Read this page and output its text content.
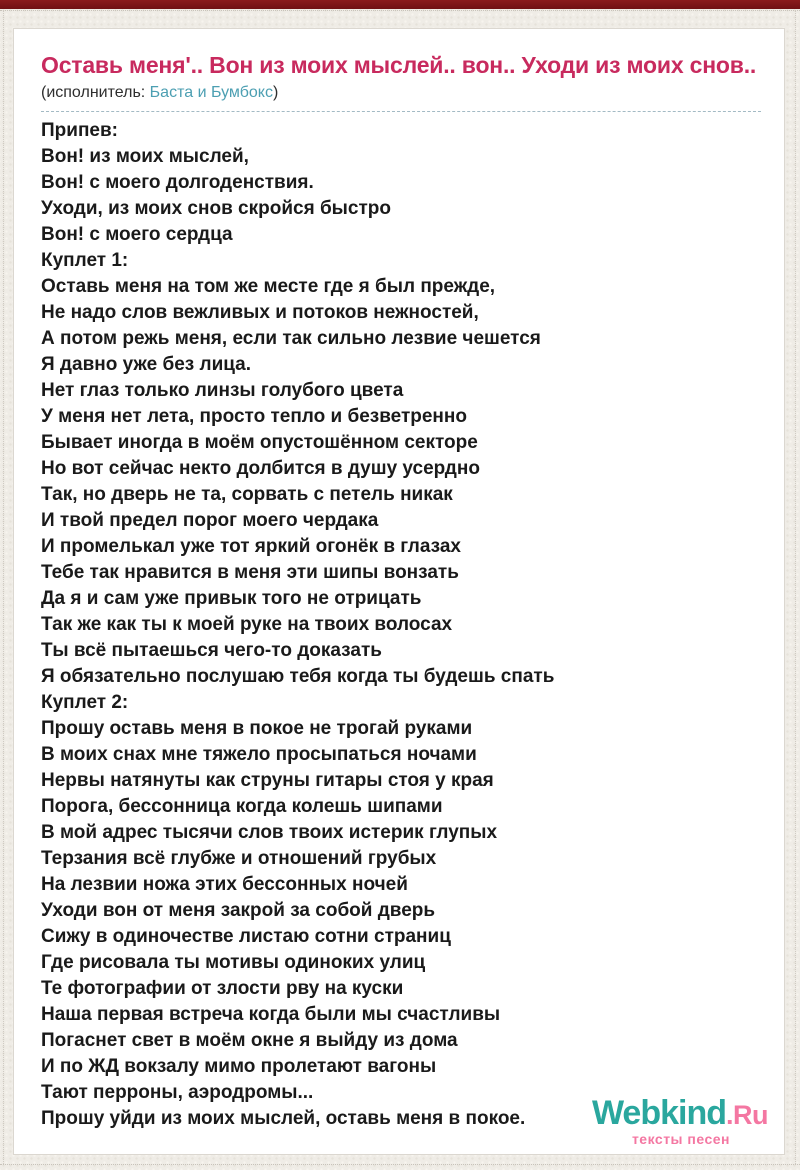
Оставь меня'.. Вон из моих мыслей.. вон.. Уходи из моих снов..
(исполнитель: Баста и Бумбокс)
Припев:
Вон! из моих мыслей,
Вон! с моего долгоденствия.
Уходи, из моих снов скройся быстро
Вон! с моего сердца
Куплет 1:
Оставь меня на том же месте где я был прежде,
Не надо слов вежливых и потоков нежностей,
А потом режь меня, если так сильно лезвие чешется
Я давно уже без лица.
Нет глаз только линзы голубого цвета
У меня нет лета, просто тепло и безветренно
Бывает иногда в моём опустошённом секторе
Но вот сейчас некто долбится в душу усердно
Так, но дверь не та, сорвать с петель никак
И твой предел порог моего чердака
И промелькал уже тот яркий огонёк в глазах
Тебе так нравится в меня эти шипы вонзать
Да я и сам уже привык того не отрицать
Так же как ты к моей руке на твоих волосах
Ты всё пытаешься чего-то доказать
Я обязательно послушаю тебя когда ты будешь спать
Куплет 2:
Прошу оставь меня в покое не трогай руками
В моих снах мне тяжело просыпаться ночами
Нервы натянуты как струны гитары стоя у края
Порога, бессонница когда колешь шипами
В мой адрес тысячи слов твоих истерик глупых
Терзания всё глубже и отношений грубых
На лезвии ножа этих бессонных ночей
Уходи вон от меня закрой за собой дверь
Сижу в одиночестве листаю сотни страниц
Где рисовала ты мотивы одиноких улиц
Те фотографии от злости рву на куски
Наша первая встреча когда были мы счастливы
Погаснет свет в моём окне я выйду из дома
И по ЖД вокзалу мимо пролетают вагоны
Тают перроны, аэродромы...
Прошу уйди из моих мыслей, оставь меня в покое.	Webkind.Ru
тексты песен
